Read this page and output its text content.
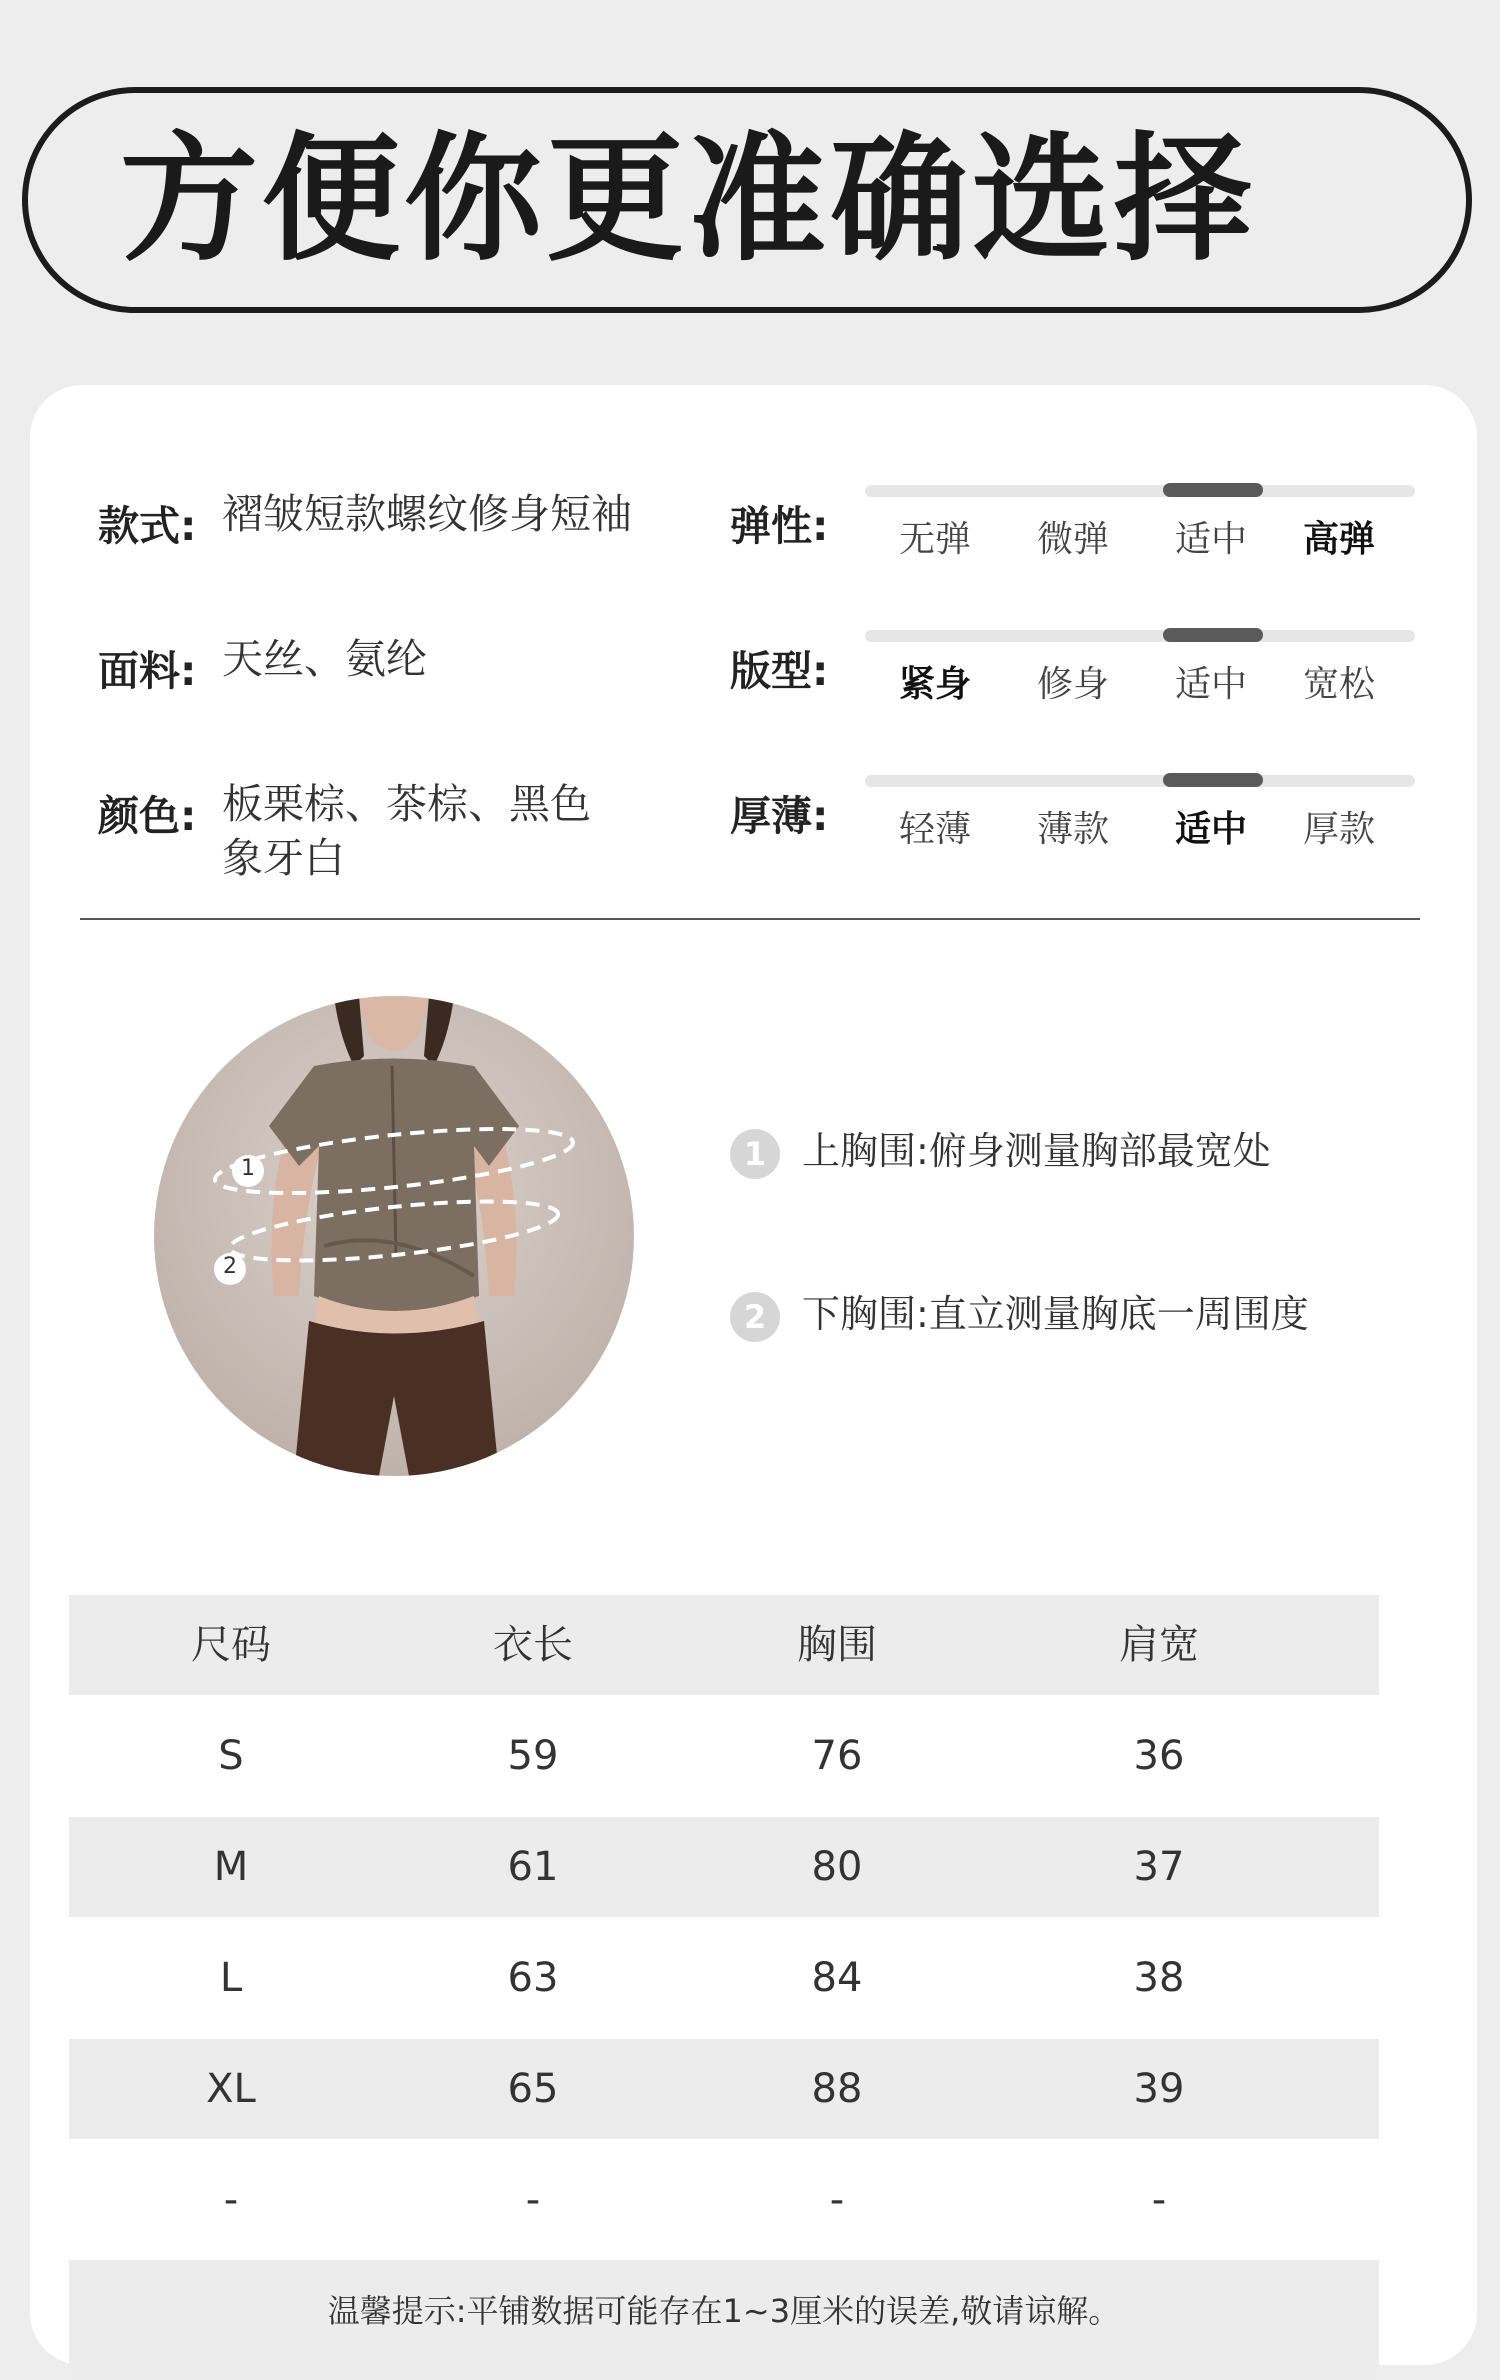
方便你更准确选择
款式: 褶皱短款螺纹修身短袖
面料: 天丝、氨纶
颜色: 板栗棕、茶棕、黑色
象牙白
弹性:	无弹	微弹	适中	高弹
版型:	紧身	修身	适中	宽松
厚薄:	轻薄	薄款	适中	厚款
1
2
1 上胸围:俯身测量胸部最宽处
2 下胸围:直立测量胸底一周围度
尺码	衣长	胸围	肩宽
S	59	76	36
M	61	80	37
L	63	84	38
XL	65	88	39
-	-	-	-
温馨提示:平铺数据可能存在1~3厘米的误差,敬请谅解。
